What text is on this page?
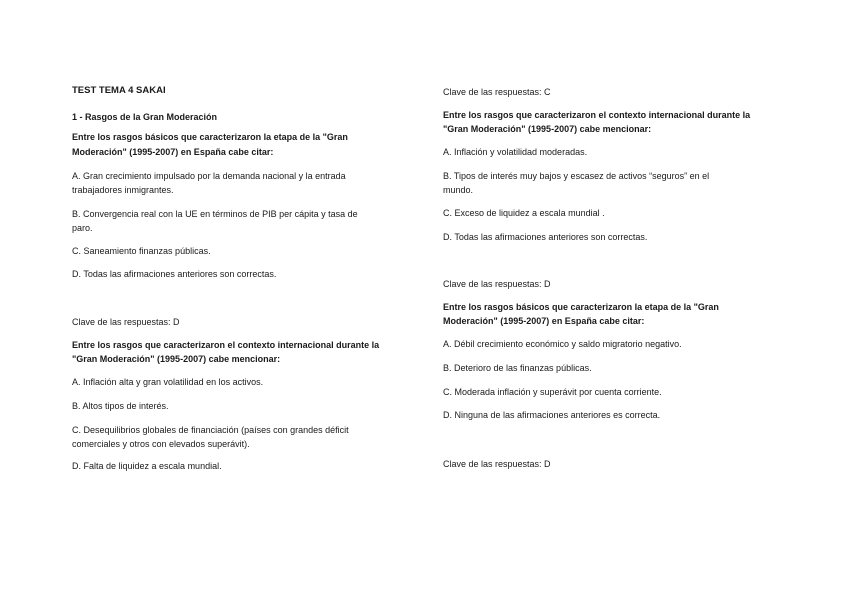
TEST TEMA 4 SAKAI
1 - Rasgos de la Gran Moderación
Entre los rasgos básicos que caracterizaron la etapa de la "Gran
Moderación" (1995-2007) en España cabe citar:
A. Gran crecimiento impulsado por la demanda nacional y la entrada
trabajadores inmigrantes.
B. Convergencia real con la UE en términos de PIB per cápita y tasa de
paro.
C. Saneamiento finanzas públicas.
D. Todas las afirmaciones anteriores son correctas.
Clave de las respuestas: D
Entre los rasgos que caracterizaron el contexto internacional durante la
"Gran Moderación" (1995-2007) cabe mencionar:
A. Inflación alta y gran volatilidad en los activos.
B. Altos tipos de interés.
C. Desequilibrios globales de financiación (países con grandes déficit
comerciales y otros con elevados superávit).
D. Falta de liquidez a escala mundial.
Clave de las respuestas: C
Entre los rasgos que caracterizaron el contexto internacional durante la
"Gran Moderación" (1995-2007) cabe mencionar:
A. Inflación y volatilidad moderadas.
B. Tipos de interés muy bajos y escasez de activos “seguros” en el
mundo.
C. Exceso de liquidez a escala mundial .
D. Todas las afirmaciones anteriores son correctas.
Clave de las respuestas: D
Entre los rasgos básicos que caracterizaron la etapa de la "Gran
Moderación" (1995-2007) en España cabe citar:
A. Débil crecimiento económico y saldo migratorio negativo.
B. Deterioro de las finanzas públicas.
C. Moderada inflación y superávit por cuenta corriente.
D. Ninguna de las afirmaciones anteriores es correcta.
Clave de las respuestas: D
